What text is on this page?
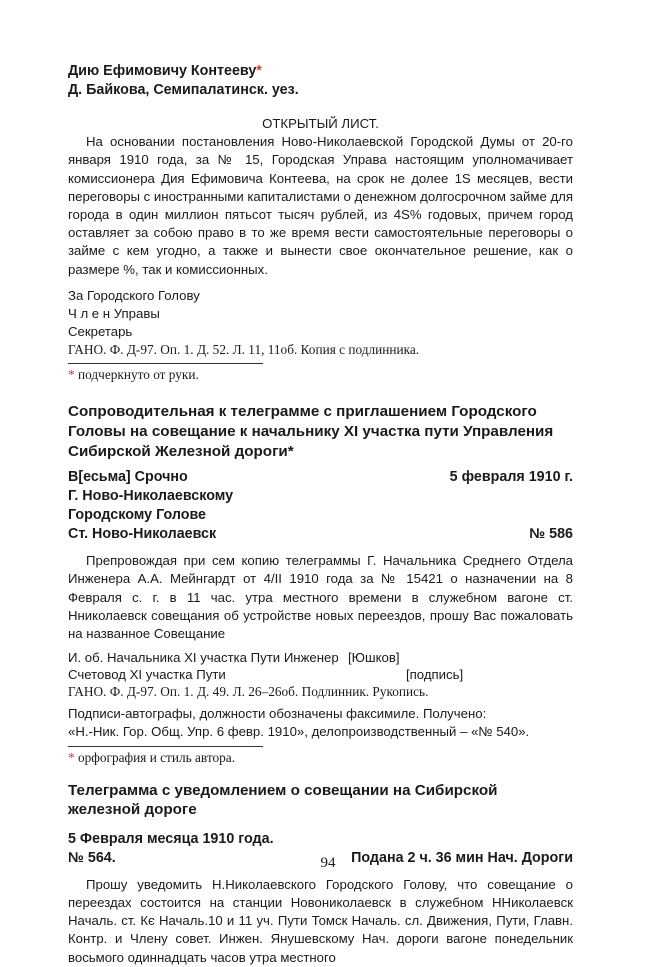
Дию Ефимовичу Контееву*
Д. Байкова, Семипалатинск. уез.
ОТКРЫТЫЙ ЛИСТ.

На основании постановления Ново-Николаевской Городской Думы от 20-го января 1910 года, за № 15, Городская Управа настоящим уполномачивает комиссионера Дия Ефимовича Контеева, на срок не долее 1S месяцев, вести переговоры с иностранными капиталистами о денежном долгосрочном займе для города в один миллион пятьсот тысяч рублей, из 4S% годовых, причем город оставляет за собою право в то же время вести самостоятельные переговоры о займе с кем угодно, а также и вынести свое окончательное решение, как о размере %, так и комиссионных.

За Городского Голову

Ч л е н Управы

Секретарь

ГАНО. Ф. Д-97. Оп. 1. Д. 52. Л. 11, 11об. Копия с подлинника.

* подчеркнуто от руки.

Сопроводительная к телеграмме с приглашением Городского Головы на совещание к начальнику XI участка пути Управления Сибирской Железной дороги*

В[есьма] Срочно	5 февраля 1910 г.
Г. Ново-Николаевскому
Городскому Голове
Ст. Ново-Николаевск	№ 586

Препровождая при сем копию телеграммы Г. Начальника Среднего Отдела Инженера А.А. Мейнгардт от 4/II 1910 года за № 15421 о назначении на 8 Февраля с. г. в 11 час. утра местного времени в служебном вагоне ст. Нниколаевск совещания об устройстве новых переездов, прошу Вас пожаловать на названное Совещание

И. об. Начальника XI участка Пути Инженер [Юшков]
Счетовод XI участка Пути	[подпись]

ГАНО. Ф. Д-97. Оп. 1. Д. 49. Л. 26–26об. Подлинник. Рукопись.

Подписи-автографы, должности обозначены факсимиле. Получено:

«Н.-Ник. Гор. Общ. Упр. 6 февр. 1910», делопроизводственный – «№ 540».

* орфография и стиль автора.

Телеграмма с уведомлением о совещании на Сибирской железной дороге

5 Февраля месяца 1910 года.
№ 564.	Подана 2 ч. 36 мин Нач. Дороги

Прошу уведомить Н.Николаевского Городского Голову, что совещание о переездах состоится на станции Новониколаевск в служебном ННиколаевск Началь. ст. Кє Началь.10 и 11 уч. Пути Томск Началь. сл. Движения, Пути, Главн. Контр. и Члену совет. Инжен. Янушевскому Нач. дороги вагоне понедельник восьмого одиннадцать часов утра местного

94
